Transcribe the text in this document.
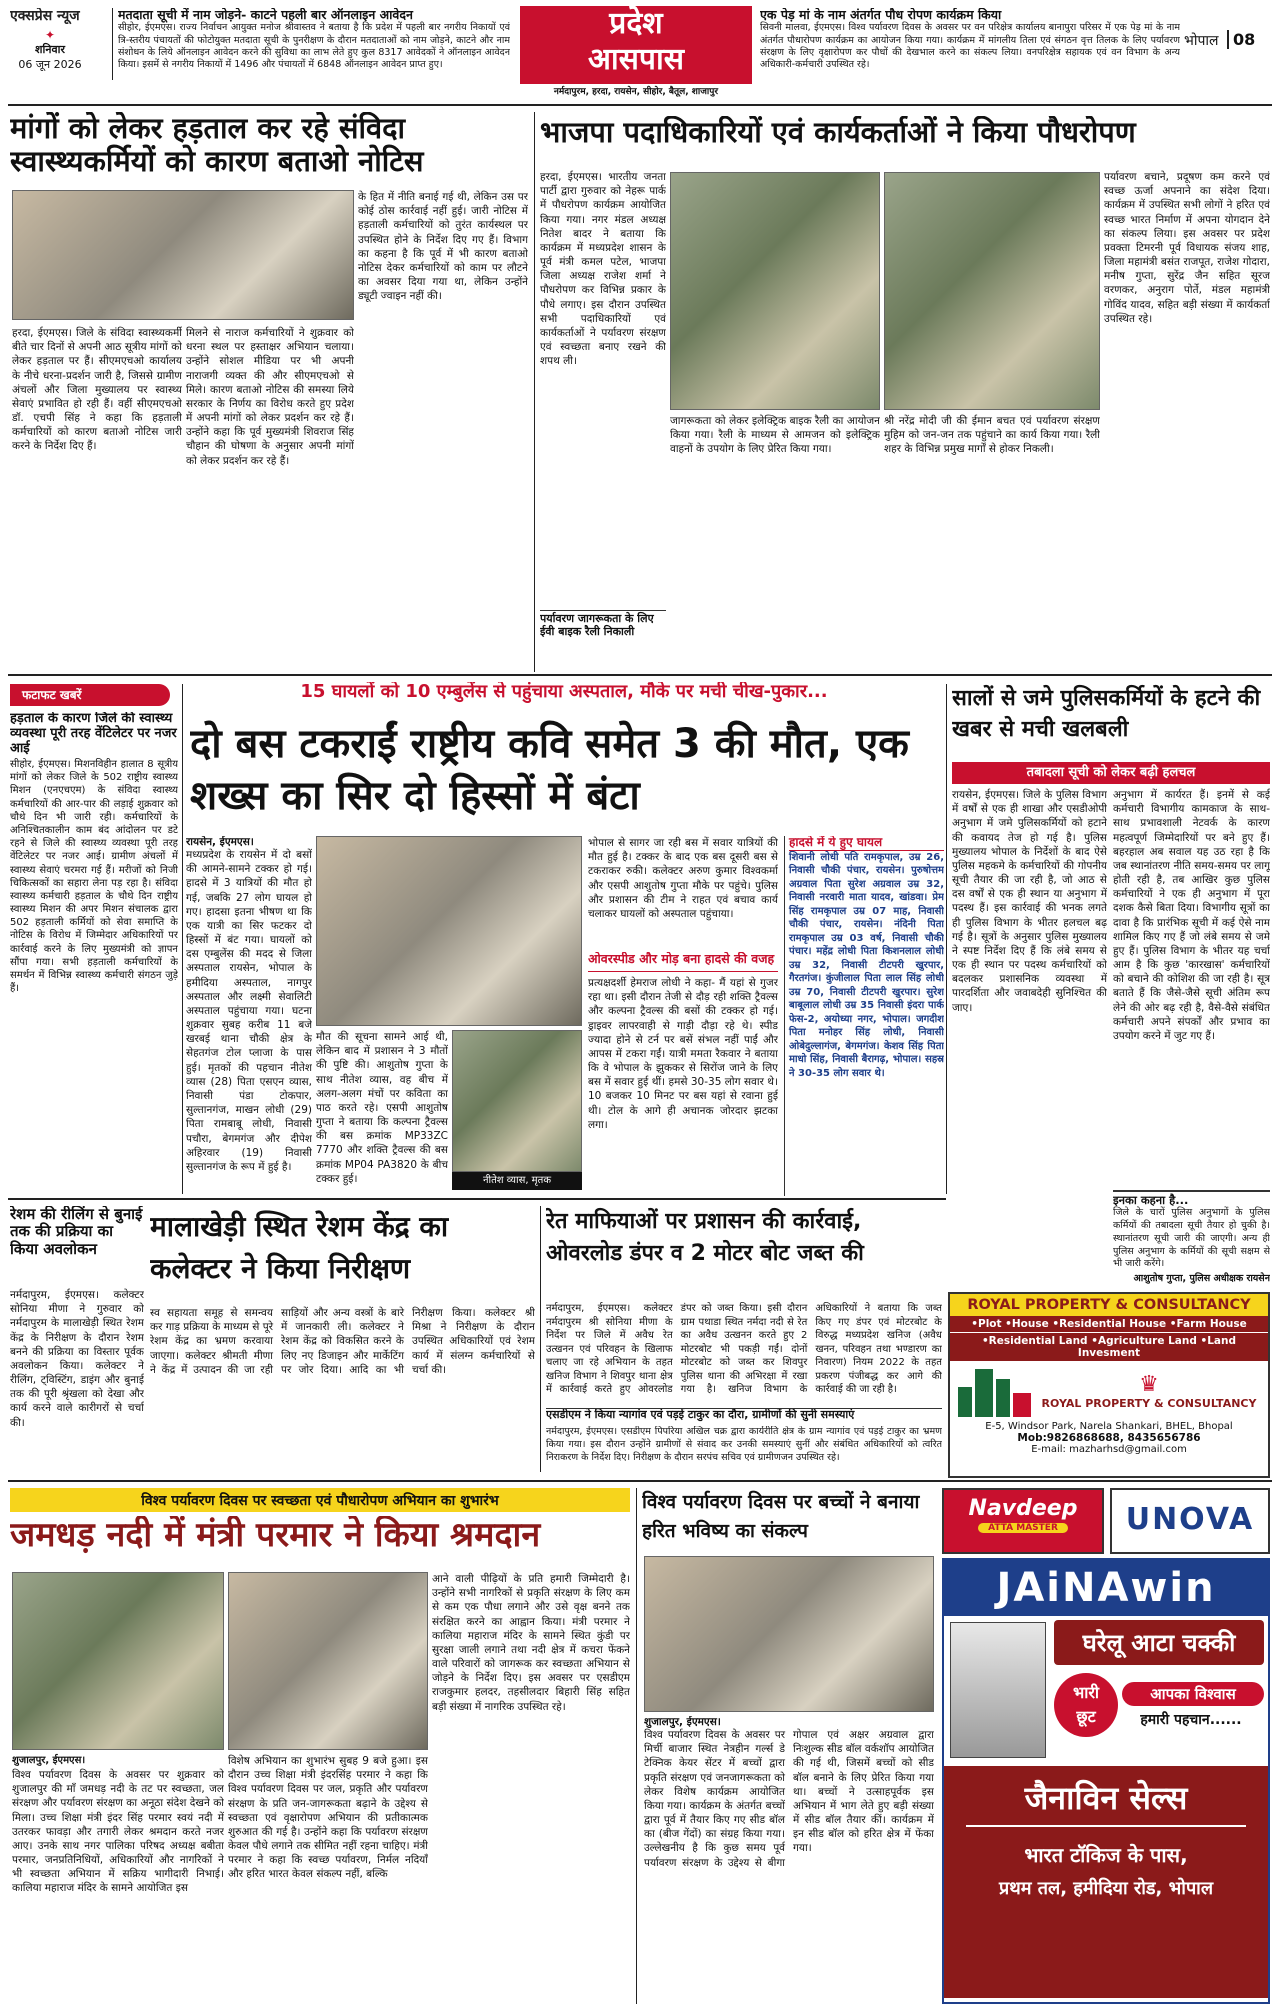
एक्सप्रेस न्यूज
✦
शनिवार
06 जून 2026
मतदाता सूची में नाम जोड़ने- काटने पहली बार ऑनलाइन आवेदन
सीहोर, ईएमएस। राज्य निर्वाचन आयुक्त मनोज श्रीवास्तव ने बताया है कि प्रदेश में पहली बार नगरीय निकायों एवं त्रि-स्तरीय पंचायतों की फोटोयुक्त मतदाता सूची के पुनरीक्षण के दौरान मतदाताओं को नाम जोड़ने, काटने और नाम संशोधन के लिये ऑनलाइन आवेदन करने की सुविधा का लाभ लेते हुए कुल 8317 आवेदकों ने ऑनलाइन आवेदन किया। इसमें से नगरीय निकायों में 1496 और पंचायतों में 6848 ऑनलाइन आवेदन प्राप्त हुए।
प्रदेश
आसपास
नर्मदापुरम, हरदा, रायसेन, सीहोर, बैतूल, शाजापुर
एक पेड़ मां के नाम अंतर्गत पौध रोपण कार्यक्रम किया
सिवनी मालवा, ईएमएस। विश्व पर्यावरण दिवस के अवसर पर वन परिक्षेत्र कार्यालय बानापुरा परिसर में एक पेड़ मां के नाम अंतर्गत पौधारोपण कार्यक्रम का आयोजन किया गया। कार्यक्रम में मांगलीय तिला एवं संगठन वृत्त तिलक के लिए पर्यावरण संरक्षण के लिए वृक्षारोपण कर पौधों की देखभाल करने का संकल्प लिया। वनपरिक्षेत्र सहायक एवं वन विभाग के अन्य अधिकारी-कर्मचारी उपस्थित रहे।
भोपाल 08
मांगों को लेकर हड़ताल कर रहे संविदा स्वास्थ्यकर्मियों को कारण बताओ नोटिस
के हित में नीति बनाई गई थी, लेकिन उस पर कोई ठोस कार्रवाई नहीं हुई। जारी नोटिस में हड़ताली कर्मचारियों को तुरंत कार्यस्थल पर उपस्थित होने के निर्देश दिए गए हैं। विभाग का कहना है कि पूर्व में भी कारण बताओ नोटिस देकर कर्मचारियों को काम पर लौटने का अवसर दिया गया था, लेकिन उन्होंने ड्यूटी ज्वाइन नहीं की।
हरदा, ईएमएस। जिले के संविदा स्वास्थ्यकर्मी बीते चार दिनों से अपनी आठ सूत्रीय मांगों को लेकर हड़ताल पर हैं। सीएमएचओ कार्यालय के नीचे धरना-प्रदर्शन जारी है, जिससे ग्रामीण अंचलों और जिला मुख्यालय पर स्वास्थ्य सेवाएं प्रभावित हो रही हैं। वहीं सीएमएचओ डॉ. एचपी सिंह ने कहा कि हड़ताली कर्मचारियों को कारण बताओ नोटिस जारी करने के निर्देश दिए हैं।
मिलने से नाराज कर्मचारियों ने शुक्रवार को धरना स्थल पर हस्ताक्षर अभियान चलाया। उन्होंने सोशल मीडिया पर भी अपनी नाराजगी व्यक्त की और सीएमएचओ से मिले। कारण बताओ नोटिस की समस्या लिये सरकार के निर्णय का विरोध करते हुए प्रदेश में अपनी मांगों को लेकर प्रदर्शन कर रहे हैं। उन्होंने कहा कि पूर्व मुख्यमंत्री शिवराज सिंह चौहान की घोषणा के अनुसार अपनी मांगों को लेकर प्रदर्शन कर रहे हैं।
भाजपा पदाधिकारियों एवं कार्यकर्ताओं ने किया पौधरोपण
हरदा, ईएमएस। भारतीय जनता पार्टी द्वारा गुरुवार को नेहरू पार्क में पौधरोपण कार्यक्रम आयोजित किया गया। नगर मंडल अध्यक्ष नितेश बादर ने बताया कि कार्यक्रम में मध्यप्रदेश शासन के पूर्व मंत्री कमल पटेल, भाजपा जिला अध्यक्ष राजेश शर्मा ने पौधरोपण कर विभिन्न प्रकार के पौधे लगाए। इस दौरान उपस्थित सभी पदाधिकारियों एवं कार्यकर्ताओं ने पर्यावरण संरक्षण एवं स्वच्छता बनाए रखने की शपथ ली।
जागरूकता को लेकर इलेक्ट्रिक बाइक रैली का आयोजन किया गया। रैली के माध्यम से आमजन को इलेक्ट्रिक वाहनों के उपयोग के लिए प्रेरित किया गया।
श्री नरेंद्र मोदी जी की ईमान बचत एवं पर्यावरण संरक्षण मुहिम को जन-जन तक पहुंचाने का कार्य किया गया। रैली शहर के विभिन्न प्रमुख मार्गों से होकर निकली।
पर्यावरण जागरूकता के लिए ईवी बाइक रैली निकाली
पर्यावरण बचाने, प्रदूषण कम करने एवं स्वच्छ ऊर्जा अपनाने का संदेश दिया। कार्यक्रम में उपस्थित सभी लोगों ने हरित एवं स्वच्छ भारत निर्माण में अपना योगदान देने का संकल्प लिया। इस अवसर पर प्रदेश प्रवक्ता टिमरनी पूर्व विधायक संजय शाह, जिला महामंत्री बसंत राजपूत, राजेश गोदारा, मनीष गुप्ता, सुरेंद्र जैन सहित सूरज वरणकर, अनुराग पोर्ते, मंडल महामंत्री गोविंद यादव, सहित बड़ी संख्या में कार्यकर्ता उपस्थित रहे।
फटाफट खबरें
हड़ताल के कारण जिले की स्वास्थ्य व्यवस्था पूरी तरह वेंटिलेटर पर नजर आई
सीहोर, ईएमएस। मिशनविहीन हालात 8 सूत्रीय मांगों को लेकर जिले के 502 राष्ट्रीय स्वास्थ्य मिशन (एनएचएम) के संविदा स्वास्थ्य कर्मचारियों की आर-पार की लड़ाई शुक्रवार को चौथे दिन भी जारी रही। कर्मचारियों के अनिश्चितकालीन काम बंद आंदोलन पर डटे रहने से जिले की स्वास्थ्य व्यवस्था पूरी तरह वेंटिलेटर पर नजर आई। ग्रामीण अंचलों में स्वास्थ्य सेवाएं चरमरा गई हैं। मरीजों को निजी चिकित्सकों का सहारा लेना पड़ रहा है। संविदा स्वास्थ्य कर्मचारी हड़ताल के चौथे दिन राष्ट्रीय स्वास्थ्य मिशन की अपर मिशन संचालक द्वारा 502 हड़ताली कर्मियों को सेवा समाप्ति के नोटिस के विरोध में जिम्मेदार अधिकारियों पर कार्रवाई करने के लिए मुख्यमंत्री को ज्ञापन सौंपा गया। सभी हड़ताली कर्मचारियों के समर्थन में विभिन्न स्वास्थ्य कर्मचारी संगठन जुड़े हैं।
15 घायलों को 10 एम्बुलेंस से पहुंचाया अस्पताल, मौके पर मची चीख-पुकार...
दो बस टकराईं राष्ट्रीय कवि समेत 3 की मौत, एक शख्स का सिर दो हिस्सों में बंटा
रायसेन, ईएमएस।
मध्यप्रदेश के रायसेन में दो बसों की आमने-सामने टक्कर हो गई। हादसे में 3 यात्रियों की मौत हो गई, जबकि 27 लोग घायल हो गए। हादसा इतना भीषण था कि एक यात्री का सिर फटकर दो हिस्सों में बंट गया। घायलों को दस एम्बुलेंस की मदद से जिला अस्पताल रायसेन, भोपाल के हमीदिया अस्पताल, नागपुर अस्पताल और लक्ष्मी सेवालिटी अस्पताल पहुंचाया गया। घटना शुक्रवार सुबह करीब 11 बजे खरबई थाना चौकी क्षेत्र के सेहतगंज टोल प्लाजा के पास हुई। मृतकों की पहचान नीतेश व्यास (28) पिता एसएन व्यास, निवासी पंडा टोकपार, सुल्तानगंज, माखन लोधी (29) पिता रामबाबू लोधी, निवासी पचौरा, बेगमगंज और दीपेश अहिरवार (19) निवासी सुल्तानगंज के रूप में हुई है।
मौत की सूचना सामने आई थी, लेकिन बाद में प्रशासन ने 3 मौतों की पुष्टि की। आशुतोष गुप्ता के साथ नीतेश व्यास, वह बीच में अलग-अलग मंचों पर कविता का पाठ करते रहे। एसपी आशुतोष गुप्ता ने बताया कि कल्पना ट्रैवल्स की बस क्रमांक MP33ZC 7770 और शक्ति ट्रैवल्स की बस क्रमांक MP04 PA3820 के बीच टक्कर हुई।	नीतेश व्यास, मृतक
भोपाल से सागर जा रही बस में सवार यात्रियों की मौत हुई है। टक्कर के बाद एक बस दूसरी बस से टकराकर रुकी। कलेक्टर अरुण कुमार विश्वकर्मा और एसपी आशुतोष गुप्ता मौके पर पहुंचे। पुलिस और प्रशासन की टीम ने राहत एवं बचाव कार्य चलाकर घायलों को अस्पताल पहुंचाया।
ओवरस्पीड और मोड़ बना हादसे की वजह
प्रत्यक्षदर्शी हेमराज लोधी ने कहा- मैं यहां से गुजर रहा था। इसी दौरान तेजी से दौड़ रही शक्ति ट्रैवल्स और कल्पना ट्रैवल्स की बसों की टक्कर हो गई। ड्राइवर लापरवाही से गाड़ी दौड़ा रहे थे। स्पीड ज्यादा होने से टर्न पर बसें संभल नहीं पाईं और आपस में टकरा गईं। यात्री ममता रैकवार ने बताया कि वे भोपाल के झुककर से सिरोंज जाने के लिए बस में सवार हुई थीं। हमसे 30-35 लोग सवार थे। 10 बजकर 10 मिनट पर बस यहां से रवाना हुई थी। टोल के आगे ही अचानक जोरदार झटका लगा।
हादसे में ये हुए घायल
शिवानी लोधी पति रामकृपाल, उम्र 26, निवासी चौकी पंचार, रायसेन। पुरुषोत्तम अग्रवाल पिता सुरेश अग्रवाल उम्र 32, निवासी नरवारी माता यादव, खांडवा। प्रेम सिंह रामकृपाल उम्र 07 माह, निवासी चौकी पंचार, रायसेन। नंदिनी पिता रामकृपाल उम्र 03 वर्ष, निवासी चौकी पंचार। महेंद्र लोधी पिता किशनलाल लोधी उम्र 32, निवासी टीटपरी खुरपार, गैरतगंज। कुंजीलाल पिता लाल सिंह लोधी उम्र 70, निवासी टीटपरी खुरपार। सुरेश बाबूलाल लोधी उम्र 35 निवासी इंदरा पार्क फेस-2, अयोध्या नगर, भोपाल। जगदीश पिता मनोहर सिंह लोधी, निवासी ओबेदुल्लागंज, बेगमगंज। केशव सिंह पिता माधो सिंह, निवासी बैरागढ़, भोपाल। सहस्र ने 30-35 लोग सवार थे।
सालों से जमे पुलिसकर्मियों के हटने की खबर से मची खलबली
तबादला सूची को लेकर बढ़ी हलचल
रायसेन, ईएमएस। जिले के पुलिस विभाग में वर्षों से एक ही शाखा और एसडीओपी अनुभाग में जमे पुलिसकर्मियों को हटाने की कवायद तेज हो गई है। पुलिस मुख्यालय भोपाल के निर्देशों के बाद ऐसे पुलिस महकमे के कर्मचारियों की गोपनीय सूची तैयार की जा रही है, जो आठ से दस वर्षों से एक ही स्थान या अनुभाग में पदस्थ हैं। इस कार्रवाई की भनक लगते ही पुलिस विभाग के भीतर हलचल बढ़ गई है। सूत्रों के अनुसार पुलिस मुख्यालय ने स्पष्ट निर्देश दिए हैं कि लंबे समय से एक ही स्थान पर पदस्थ कर्मचारियों को बदलकर प्रशासनिक व्यवस्था में पारदर्शिता और जवाबदेही सुनिश्चित की जाए।
अनुभाग में कार्यरत हैं। इनमें से कई कर्मचारी विभागीय कामकाज के साथ-साथ प्रभावशाली नेटवर्क के कारण महत्वपूर्ण जिम्मेदारियों पर बने हुए हैं। बहरहाल अब सवाल यह उठ रहा है कि जब स्थानांतरण नीति समय-समय पर लागू होती रही है, तब आखिर कुछ पुलिस कर्मचारियों ने एक ही अनुभाग में पूरा दशक कैसे बिता दिया। विभागीय सूत्रों का दावा है कि प्रारंभिक सूची में कई ऐसे नाम शामिल किए गए हैं जो लंबे समय से जमे हुए हैं। पुलिस विभाग के भीतर यह चर्चा आम है कि कुछ 'कारखास' कर्मचारियों को बचाने की कोशिश की जा रही है। सूत्र बताते हैं कि जैसे-जैसे सूची अंतिम रूप लेने की ओर बढ़ रही है, वैसे-वैसे संबंधित कर्मचारी अपने संपर्कों और प्रभाव का उपयोग करने में जुट गए हैं।
इनका कहना है...
जिले के चारों पुलिस अनुभागों के पुलिस कर्मियों की तबादला सूची तैयार हो चुकी है। स्थानांतरण सूची जारी की जाएगी। अन्य ही पुलिस अनुभाग के कर्मियों की सूची सक्षम से भी जारी करेंगे।
आशुतोष गुप्ता, पुलिस अधीक्षक रायसेन
रेशम की रीलिंग से बुनाई तक की प्रक्रिया का किया अवलोकन
नर्मदापुरम, ईएमएस। कलेक्टर सोनिया मीणा ने गुरुवार को नर्मदापुरम के मालाखेड़ी स्थित रेशम केंद्र के निरीक्षण के दौरान रेशम बनने की प्रक्रिया का विस्तार पूर्वक अवलोकन किया। कलेक्टर ने रीलिंग, ट्विस्टिंग, डाइंग और बुनाई तक की पूरी श्रृंखला को देखा और कार्य करने वाले कारीगरों से चर्चा की।
मालाखेड़ी स्थित रेशम केंद्र का कलेक्टर ने किया निरीक्षण
स्व सहायता समूह से समन्वय कर गाड़ प्रक्रिया के माध्यम से पूरे रेशम केंद्र का भ्रमण करवाया जाएगा। कलेक्टर श्रीमती मीणा ने केंद्र में उत्पादन की जा रही साड़ियों और अन्य वस्त्रों के बारे में जानकारी ली। कलेक्टर ने रेशम केंद्र को विकसित करने के लिए नए डिजाइन और मार्केटिंग पर जोर दिया। आदि का भी निरीक्षण किया। कलेक्टर श्री मिश्रा ने निरीक्षण के दौरान उपस्थित अधिकारियों एवं रेशम कार्य में संलग्न कर्मचारियों से चर्चा की।
रेत माफियाओं पर प्रशासन की कार्रवाई, ओवरलोड डंपर व 2 मोटर बोट जब्त की
नर्मदापुरम, ईएमएस। कलेक्टर नर्मदापुरम श्री सोनिया मीणा के निर्देश पर जिले में अवैध रेत उत्खनन एवं परिवहन के खिलाफ चलाए जा रहे अभियान के तहत खनिज विभाग ने शिवपुर थाना क्षेत्र में कार्रवाई करते हुए ओवरलोड डंपर को जब्त किया। इसी दौरान ग्राम पथाडा स्थित नर्मदा नदी से रेत का अवैध उत्खनन करते हुए 2 मोटरबोट भी पकड़ी गईं। दोनों मोटरबोट को जब्त कर शिवपुर पुलिस थाना की अभिरक्षा में रखा गया है। खनिज विभाग के अधिकारियों ने बताया कि जब्त किए गए डंपर एवं मोटरबोट के विरुद्ध मध्यप्रदेश खनिज (अवैध खनन, परिवहन तथा भण्डारण का निवारण) नियम 2022 के तहत प्रकरण पंजीबद्ध कर आगे की कार्रवाई की जा रही है।
एसडीएम ने किया न्यागांव एवं पड़ई टाकुर का दौरा, ग्रामीणों की सुनी समस्याएं
नर्मदापुरम, ईएमएस। एसडीएम पिपरिया अखिल चक्र द्वारा कार्यरीति क्षेत्र के ग्राम न्यागांव एवं पड़ई टाकुर का भ्रमण किया गया। इस दौरान उन्होंने ग्रामीणों से संवाद कर उनकी समस्याएं सुनीं और संबंधित अधिकारियों को त्वरित निराकरण के निर्देश दिए। निरीक्षण के दौरान सरपंच सचिव एवं ग्रामीणजन उपस्थित रहे।
ROYAL PROPERTY & CONSULTANCY
•Plot •House •Residential House •Farm House
•Residential Land •Agriculture Land •Land Invesment
♛
ROYAL PROPERTY & CONSULTANCY
E-5, Windsor Park, Narela Shankari, BHEL, Bhopal
Mob:9826868688, 8435656786
E-mail: mazharhsd@gmail.com
विश्व पर्यावरण दिवस पर स्वच्छता एवं पौधारोपण अभियान का शुभारंभ
जमधड़ नदी में मंत्री परमार ने किया श्रमदान
शुजालपुर, ईएमएस।
विश्व पर्यावरण दिवस के अवसर पर शुक्रवार को शुजालपुर की माँ जमधड़ नदी के तट पर स्वच्छता, जल संरक्षण और पर्यावरण संरक्षण का अनूठा संदेश देखने को मिला। उच्च शिक्षा मंत्री इंदर सिंह परमार स्वयं नदी में उतरकर फावड़ा और तगारी लेकर श्रमदान करते नजर आए। उनके साथ नगर पालिका परिषद अध्यक्ष बबीता परमार, जनप्रतिनिधियों, अधिकारियों और नागरिकों ने भी स्वच्छता अभियान में सक्रिय भागीदारी निभाई। कालिया महाराज मंदिर के सामने आयोजित इस
विशेष अभियान का शुभारंभ सुबह 9 बजे हुआ। इस दौरान उच्च शिक्षा मंत्री इंदरसिंह परमार ने कहा कि विश्व पर्यावरण दिवस पर जल, प्रकृति और पर्यावरण संरक्षण के प्रति जन-जागरूकता बढ़ाने के उद्देश्य से स्वच्छता एवं वृक्षारोपण अभियान की प्रतीकात्मक शुरुआत की गई है। उन्होंने कहा कि पर्यावरण संरक्षण केवल पौधे लगाने तक सीमित नहीं रहना चाहिए। मंत्री परमार ने कहा कि स्वच्छ पर्यावरण, निर्मल नदियाँ और हरित भारत केवल संकल्प नहीं, बल्कि
आने वाली पीढ़ियों के प्रति हमारी जिम्मेदारी है। उन्होंने सभी नागरिकों से प्रकृति संरक्षण के लिए कम से कम एक पौधा लगाने और उसे वृक्ष बनने तक संरक्षित करने का आह्वान किया। मंत्री परमार ने कालिया महाराज मंदिर के सामने स्थित कुंडी पर सुरक्षा जाली लगाने तथा नदी क्षेत्र में कचरा फेंकने वाले परिवारों को जागरूक कर स्वच्छता अभियान से जोड़ने के निर्देश दिए। इस अवसर पर एसडीएम राजकुमार हलदर, तहसीलदार बिहारी सिंह सहित बड़ी संख्या में नागरिक उपस्थित रहे।
विश्व पर्यावरण दिवस पर बच्चों ने बनाया हरित भविष्य का संकल्प
शुजालपुर, ईएमएस।
विश्व पर्यावरण दिवस के अवसर पर मिर्ची बाजार स्थित नेत्रहीन गर्ल्स डे टेक्निक केयर सेंटर में बच्चों द्वारा प्रकृति संरक्षण एवं जनजागरूकता को लेकर विशेष कार्यक्रम आयोजित किया गया। कार्यक्रम के अंतर्गत बच्चों द्वारा पूर्व में तैयार किए गए सीड बॉल का (बीज गेंदों) का संग्रह किया गया। उल्लेखनीय है कि कुछ समय पूर्व पर्यावरण संरक्षण के उद्देश्य से बीगा गोपाल एवं अक्षर अग्रवाल द्वारा निःशुल्क सीड बॉल वर्कशॉप आयोजित की गई थी, जिसमें बच्चों को सीड बॉल बनाने के लिए प्रेरित किया गया था। बच्चों ने उत्साहपूर्वक इस अभियान में भाग लेते हुए बड़ी संख्या में सीड बॉल तैयार कीं। कार्यक्रम में इन सीड बॉल को हरित क्षेत्र में फेंका गया।
Navdeep
ATTA MASTER	UNOVA
JAiNAwin
घरेलू आटा चक्की
भारी
छूट
आपका विश्वास
हमारी पहचान......
जैनाविन सेल्स
भारत टॉकिज के पास,
प्रथम तल, हमीदिया रोड, भोपाल
